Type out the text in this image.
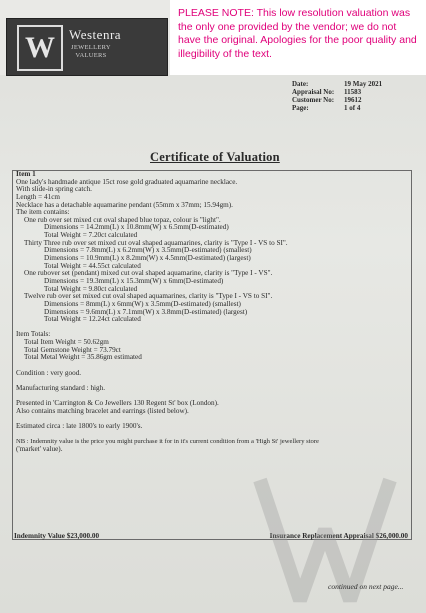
W	Westenra
JEWELLERY
VALUERS
PLEASE NOTE: This low resolution valuation was the only one provided by the vendor; we do not have the original. Apologies for the poor quality and illegibility of the text.
Date:	19 May 2021
Appraisal No:	11583
Customer No:	19612
Page:	1 of 4
Certificate of Valuation
Item 1
One lady's handmade antique 15ct rose gold graduated aquamarine necklace.
With slide-in spring catch.
Length = 41cm
Necklace has a detachable aquamarine pendant (55mm x 37mm; 15.94gm).
The item contains:
One rub over set mixed cut oval shaped blue topaz, colour is "light".
Dimensions = 14.2mm(L) x 10.8mm(W) x 6.5mm(D-estimated)
Total Weight = 7.20ct calculated
Thirty Three rub over set mixed cut oval shaped aquamarines, clarity is "Type I - VS to SI".
Dimensions = 7.8mm(L) x 6.2mm(W) x 3.5mm(D-estimated) (smallest)
Dimensions = 10.9mm(L) x 8.2mm(W) x 4.5mm(D-estimated) (largest)
Total Weight = 44.55ct calculated
One rubover set (pendant) mixed cut oval shaped aquamarine, clarity is "Type I - VS".
Dimensions = 19.3mm(L) x 15.3mm(W) x 6mm(D-estimated)
Total Weight = 9.80ct calculated
Twelve rub over set mixed cut oval shaped aquamarines, clarity is "Type I - VS to SI".
Dimensions = 8mm(L) x 6mm(W) x 3.5mm(D-estimated) (smallest)
Dimensions = 9.6mm(L) x 7.1mm(W) x 3.8mm(D-estimated) (largest)
Total Weight = 12.24ct calculated
Item Totals:
Total Item Weight = 50.62gm
Total Gemstone Weight = 73.79ct
Total Metal Weight = 35.86gm estimated
Condition : very good.
Manufacturing standard : high.
Presented in 'Carrington & Co Jewellers 130 Regent St' box (London).
Also contains matching bracelet and earrings (listed below).
Estimated circa : late 1800's to early 1900's.
NB : Indemnity value is the price you might purchase it for in it's current condition from a 'High St' jewellery store
('market' value).
Indemnity Value $23,000.00	Insurance Replacement Appraisal $26,000.00
continued on next page...
